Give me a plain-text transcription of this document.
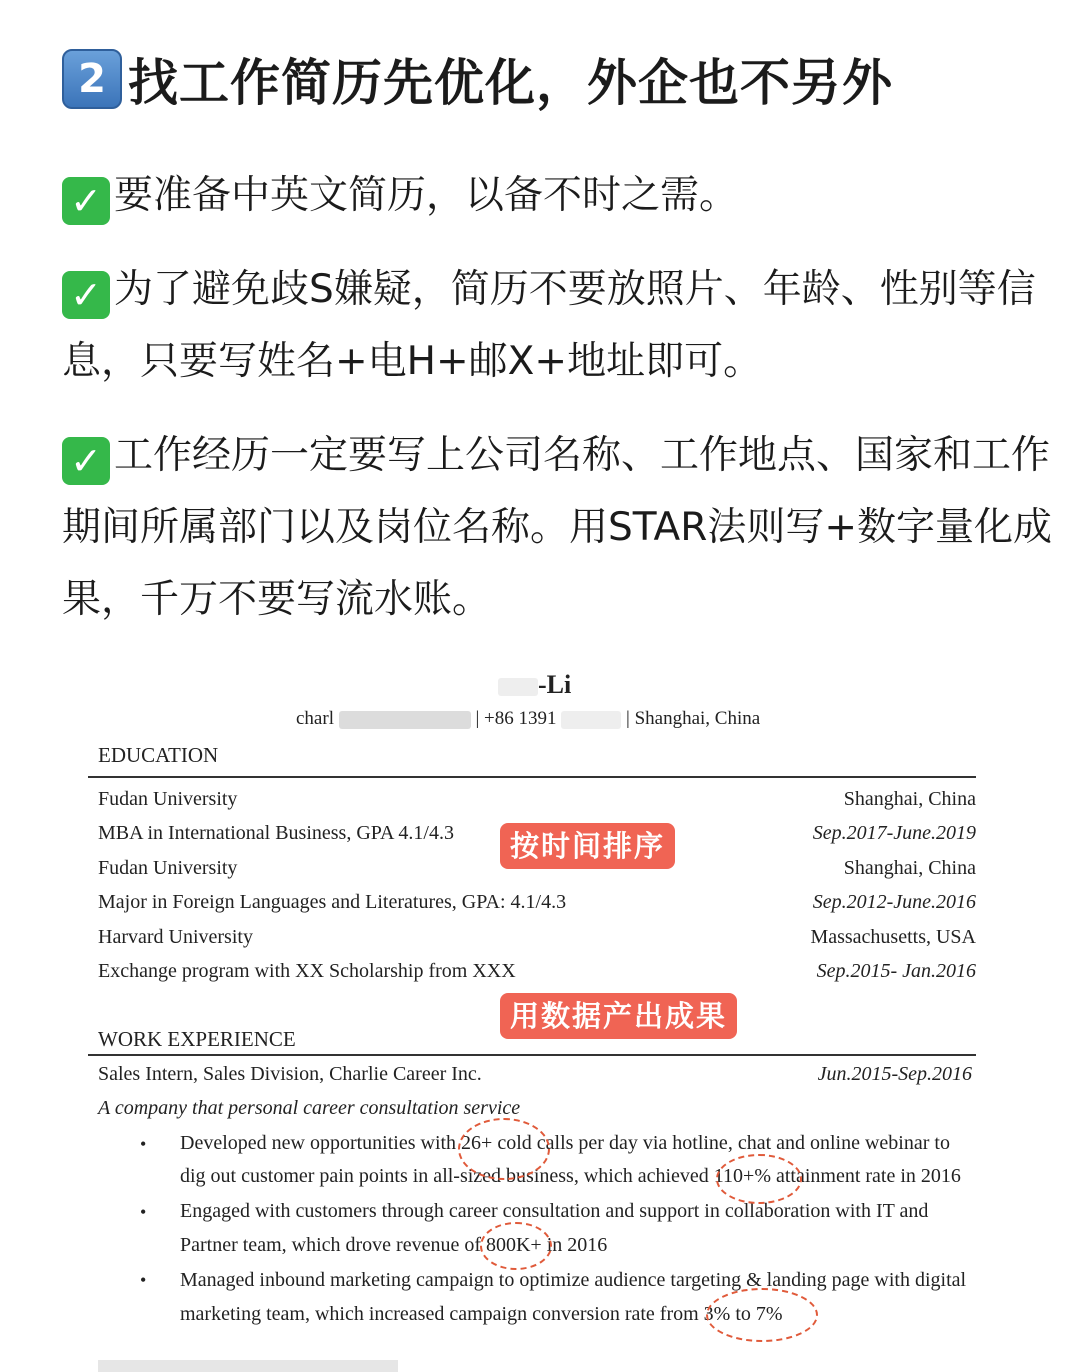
2 找工作简历先优化，外企也不另外
✓ 要准备中英文简历，以备不时之需。
✓ 为了避免歧S嫌疑，简历不要放照片、年龄、性别等信息，只要写姓名+电H+邮X+地址即可。
✓ 工作经历一定要写上公司名称、工作地点、国家和工作期间所属部门以及岗位名称。用STAR法则写+数字量化成果，千万不要写流水账。
-Li
charl	| +86 1391	| Shanghai, China
EDUCATION
Fudan University	Shanghai, China
MBA in International Business, GPA 4.1/4.3	Sep.2017-June.2019
Fudan University	Shanghai, China
Major in Foreign Languages and Literatures, GPA: 4.1/4.3	Sep.2012-June.2016
Harvard University	Massachusetts, USA
Exchange program with XX Scholarship from XXX	Sep.2015- Jan.2016
按时间排序
用数据产出成果
WORK EXPERIENCE
Sales Intern, Sales Division, Charlie Career Inc.	Jun.2015-Sep.2016
A company that personal career consultation service
• Developed new opportunities with 26+ cold calls per day via hotline, chat and online webinar to
dig out customer pain points in all-sized business, which achieved 110+% attainment rate in 2016
• Engaged with customers through career consultation and support in collaboration with IT and
Partner team, which drove revenue of 800K+ in 2016
• Managed inbound marketing campaign to optimize audience targeting & landing page with digital
marketing team, which increased campaign conversion rate from 3% to 7%
